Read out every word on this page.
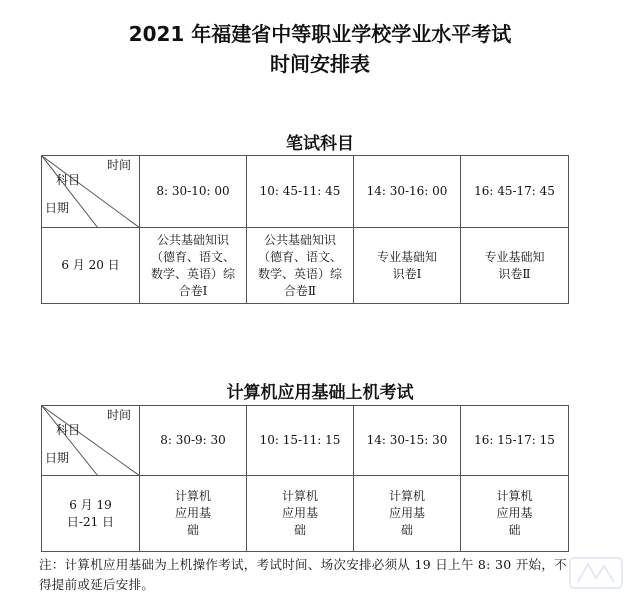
2021 年福建省中等职业学校学业水平考试
时间安排表
笔试科目
时间
科目
日期	8: 30-10: 00	10: 45-11: 45	14: 30-16: 00	16: 45-17: 45
6 月 20 日	公共基础知识（德育、语文、数学、英语）综合卷Ⅰ	公共基础知识（德育、语文、数学、英语）综合卷Ⅱ	专业基础知识卷Ⅰ	专业基础知识卷Ⅱ
计算机应用基础上机考试
时间
科目
日期	8: 30-9: 30	10: 15-11: 15	14: 30-15: 30	16: 15-17: 15
6 月 19 日-21 日	计算机应用基础	计算机应用基础	计算机应用基础	计算机应用基础
注：计算机应用基础为上机操作考试，考试时间、场次安排必须从 19 日上午 8: 30 开始，不得提前或延后安排。
